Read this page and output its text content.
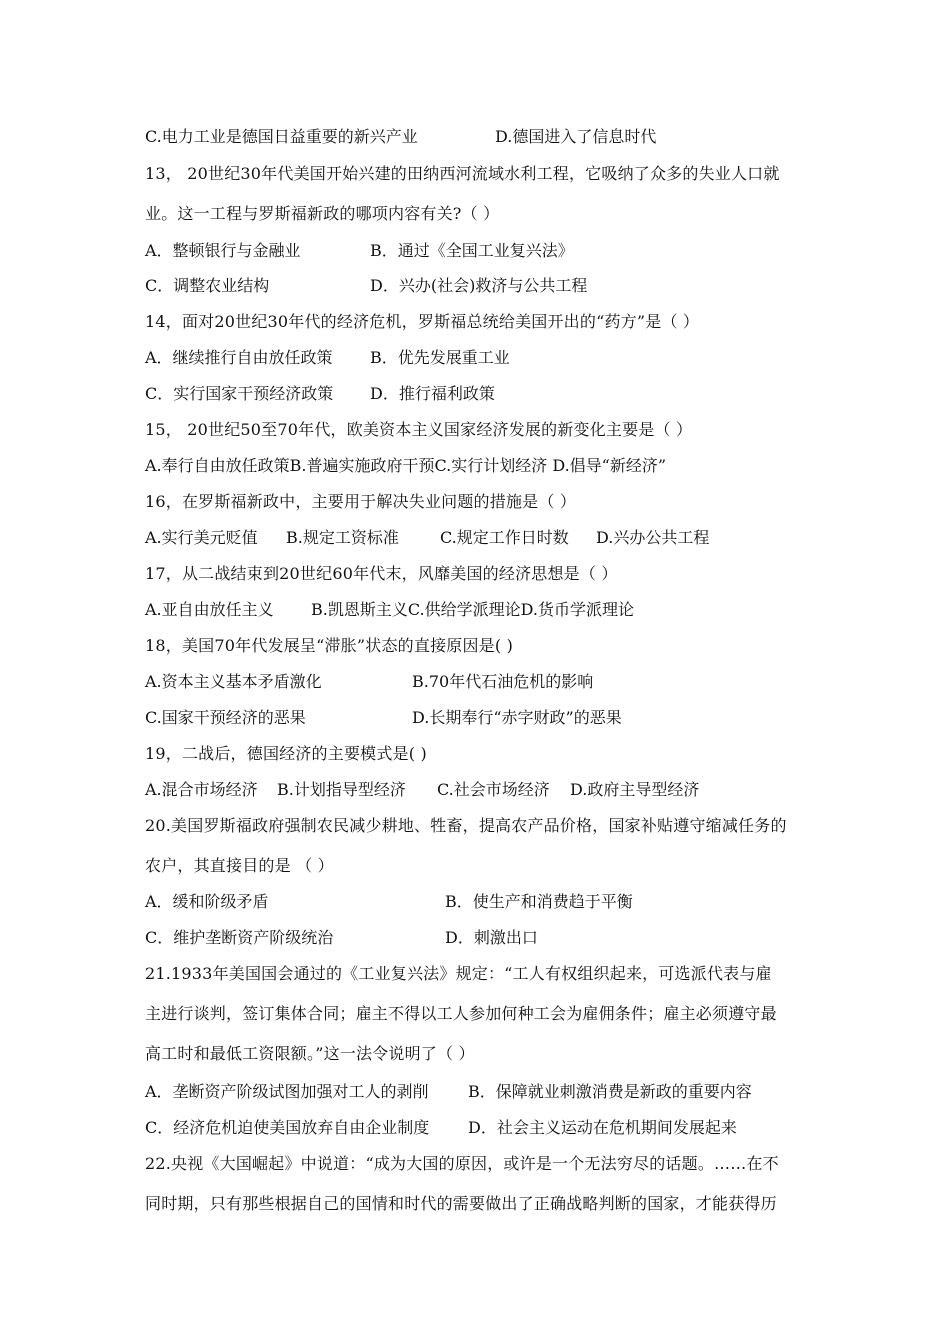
C.电力工业是德国日益重要的新兴产业	D.德国进入了信息时代
13， 20世纪30年代美国开始兴建的田纳西河流域水利工程，它吸纳了众多的失业人口就
业。这一工程与罗斯福新政的哪项内容有关?（ ）
A．整顿银行与金融业	B．通过《全国工业复兴法》
C．调整农业结构	D．兴办(社会)救济与公共工程
14，面对20世纪30年代的经济危机，罗斯福总统给美国开出的“药方”是（ ）
A．继续推行自由放任政策 B．优先发展重工业
C．实行国家干预经济政策 D．推行福利政策
15， 20世纪50至70年代，欧美资本主义国家经济发展的新变化主要是（ ）
A.奉行自由放任政策B.普遍实施政府干预C.实行计划经济 D.倡导“新经济”
16，在罗斯福新政中，主要用于解决失业问题的措施是（ ）
A.实行美元贬值 B.规定工资标准	C.规定工作日时数 D.兴办公共工程
17，从二战结束到20世纪60年代末，风靡美国的经济思想是（ ）
A.亚自由放任主义 B.凯恩斯主义C.供给学派理论D.货币学派理论
18，美国70年代发展呈“滞胀”状态的直接原因是( )
A.资本主义基本矛盾激化	B.70年代石油危机的影响
C.国家干预经济的恶果	D.长期奉行“赤字财政”的恶果
19，二战后，德国经济的主要模式是( )
A.混合市场经济 B.计划指导型经济 C.社会市场经济 D.政府主导型经济
20.美国罗斯福政府强制农民减少耕地、牲畜，提高农产品价格，国家补贴遵守缩减任务的
农户，其直接目的是 （ ）
A．缓和阶级矛盾	B．使生产和消费趋于平衡
C．维护垄断资产阶级统治	D．刺激出口
21.1933年美国国会通过的《工业复兴法》规定：“工人有权组织起来，可选派代表与雇
主进行谈判，签订集体合同；雇主不得以工人参加何种工会为雇佣条件；雇主必须遵守最
高工时和最低工资限额。”这一法令说明了（ ）
A．垄断资产阶级试图加强对工人的剥削 B．保障就业刺激消费是新政的重要内容
C．经济危机迫使美国放弃自由企业制度 D．社会主义运动在危机期间发展起来
22.央视《大国崛起》中说道：“成为大国的原因，或许是一个无法穷尽的话题。……在不
同时期，只有那些根据自己的国情和时代的需要做出了正确战略判断的国家，才能获得历
